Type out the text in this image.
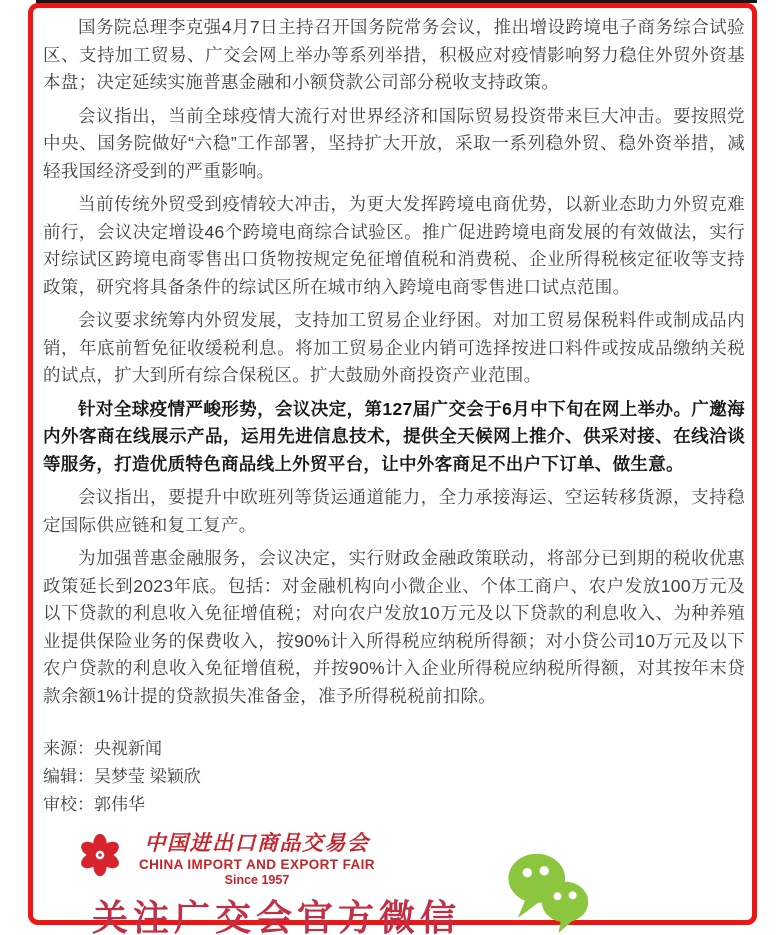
国务院总理李克强4月7日主持召开国务院常务会议，推出增设跨境电子商务综合试验区、支持加工贸易、广交会网上举办等系列举措，积极应对疫情影响努力稳住外贸外资基本盘；决定延续实施普惠金融和小额贷款公司部分税收支持政策。

会议指出，当前全球疫情大流行对世界经济和国际贸易投资带来巨大冲击。要按照党中央、国务院做好“六稳”工作部署，坚持扩大开放，采取一系列稳外贸、稳外资举措，减轻我国经济受到的严重影响。

当前传统外贸受到疫情较大冲击，为更大发挥跨境电商优势，以新业态助力外贸克难前行，会议决定增设46个跨境电商综合试验区。推广促进跨境电商发展的有效做法，实行对综试区跨境电商零售出口货物按规定免征增值税和消费税、企业所得税核定征收等支持政策，研究将具备条件的综试区所在城市纳入跨境电商零售进口试点范围。

会议要求统筹内外贸发展，支持加工贸易企业纾困。对加工贸易保税料件或制成品内销，年底前暂免征收缓税利息。将加工贸易企业内销可选择按进口料件或按成品缴纳关税的试点，扩大到所有综合保税区。扩大鼓励外商投资产业范围。

针对全球疫情严峻形势，会议决定，第127届广交会于6月中下旬在网上举办。广邀海内外客商在线展示产品，运用先进信息技术，提供全天候网上推介、供采对接、在线洽谈等服务，打造优质特色商品线上外贸平台，让中外客商足不出户下订单、做生意。

会议指出，要提升中欧班列等货运通道能力，全力承接海运、空运转移货源，支持稳定国际供应链和复工复产。

为加强普惠金融服务，会议决定，实行财政金融政策联动，将部分已到期的税收优惠政策延长到2023年底。包括：对金融机构向小微企业、个体工商户、农户发放100万元及以下贷款的利息收入免征增值税；对向农户发放10万元及以下贷款的利息收入、为种养殖业提供保险业务的保费收入，按90%计入所得税应纳税所得额；对小贷公司10万元及以下农户贷款的利息收入免征增值税，并按90%计入企业所得税应纳税所得额，对其按年末贷款余额1%计提的贷款损失准备金，准予所得税税前扣除。

来源：央视新闻
编辑：吴梦莹 梁颖欣
审校：郭伟华
中国进出口商品交易会
CHINA IMPORT AND EXPORT FAIR
Since 1957
关注广交会官方微信
